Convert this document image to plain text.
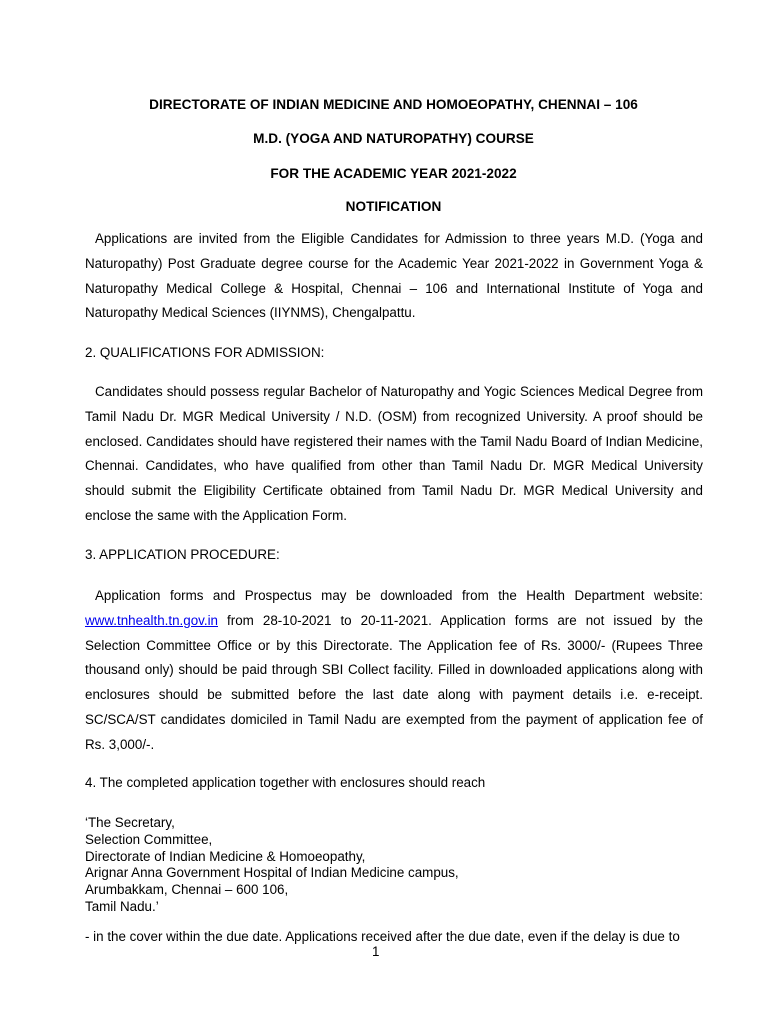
DIRECTORATE OF INDIAN MEDICINE AND HOMOEOPATHY, CHENNAI – 106
M.D. (YOGA AND NATUROPATHY) COURSE
FOR THE ACADEMIC YEAR 2021-2022
NOTIFICATION

Applications are invited from the Eligible Candidates for Admission to three years M.D. (Yoga and Naturopathy) Post Graduate degree course for the Academic Year 2021-2022 in Government Yoga & Naturopathy Medical College & Hospital, Chennai – 106 and International Institute of Yoga and Naturopathy Medical Sciences (IIYNMS), Chengalpattu.

2. QUALIFICATIONS FOR ADMISSION:

Candidates should possess regular Bachelor of Naturopathy and Yogic Sciences Medical Degree from Tamil Nadu Dr. MGR Medical University / N.D. (OSM) from recognized University. A proof should be enclosed. Candidates should have registered their names with the Tamil Nadu Board of Indian Medicine, Chennai. Candidates, who have qualified from other than Tamil Nadu Dr. MGR Medical University should submit the Eligibility Certificate obtained from Tamil Nadu Dr. MGR Medical University and enclose the same with the Application Form.

3. APPLICATION PROCEDURE:

Application forms and Prospectus may be downloaded from the Health Department website: www.tnhealth.tn.gov.in from 28-10-2021 to 20-11-2021. Application forms are not issued by the Selection Committee Office or by this Directorate. The Application fee of Rs. 3000/- (Rupees Three thousand only) should be paid through SBI Collect facility. Filled in downloaded applications along with enclosures should be submitted before the last date along with payment details i.e. e-receipt. SC/SCA/ST candidates domiciled in Tamil Nadu are exempted from the payment of application fee of Rs. 3,000/-.

4. The completed application together with enclosures should reach

‘The Secretary,
Selection Committee,
Directorate of Indian Medicine & Homoeopathy,
Arignar Anna Government Hospital of Indian Medicine campus,
Arumbakkam, Chennai – 600 106,
Tamil Nadu.’

- in the cover within the due date. Applications received after the due date, even if the delay is due to

1
